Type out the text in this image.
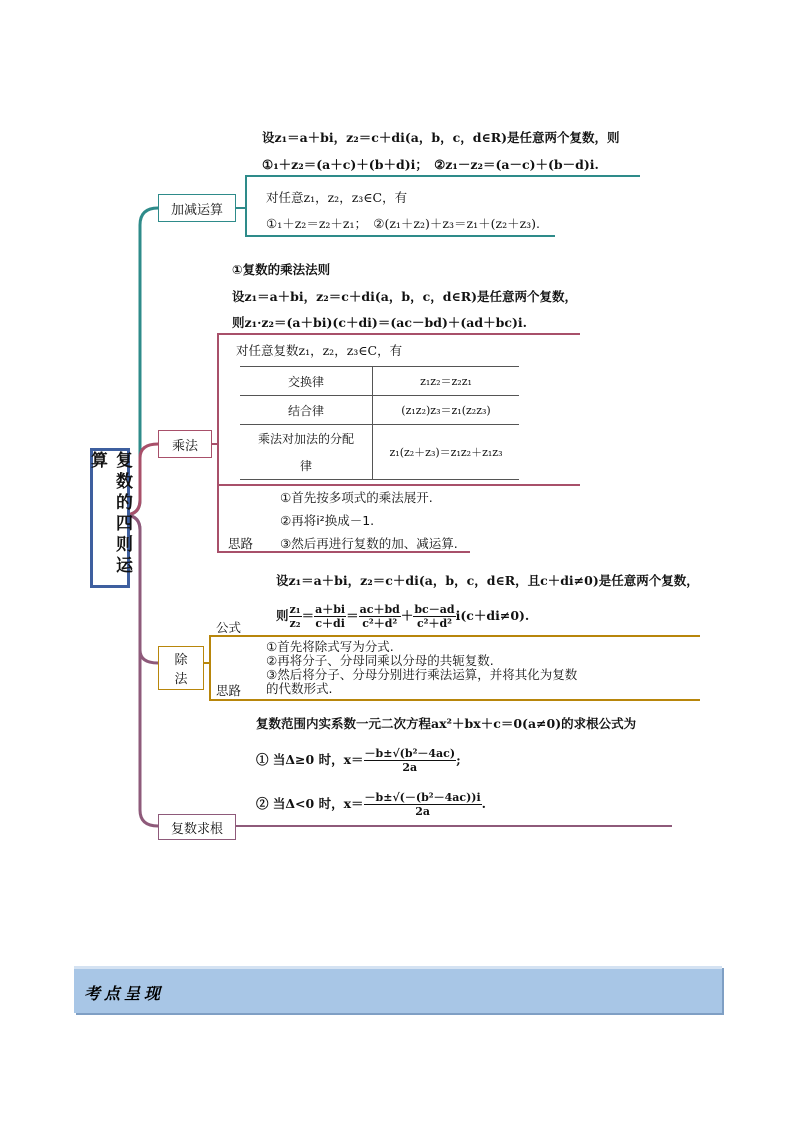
复数的四则运算
加减运算
设z₁＝a＋bi，z₂＝c＋di(a，b，c，d∈R)是任意两个复数，则
①₁＋z₂＝(a＋c)＋(b＋d)i；　②z₁－z₂＝(a－c)＋(b－d)i.
对任意z₁，z₂，z₃∈C，有
①₁＋z₂＝z₂＋z₁；　②(z₁＋z₂)＋z₃＝z₁＋(z₂＋z₃).
乘法
①复数的乘法法则
设z₁＝a＋bi，z₂＝c＋di(a，b，c，d∈R)是任意两个复数，
则z₁·z₂＝(a＋bi)(c＋di)＝(ac－bd)＋(ad＋bc)i.
对任意复数z₁，z₂，z₃∈C，有
交换律	z₁z₂＝z₂z₁
结合律	(z₁z₂)z₃＝z₁(z₂z₃)

乘法对加法的分配
律	z₁(z₂＋z₃)＝z₁z₂＋z₁z₃
①首先按多项式的乘法展开.
②再将i²换成－1.
③然后再进行复数的加、减运算.
思路
除
法
设z₁＝a＋bi，z₂＝c＋di(a，b，c，d∈R，且c＋di≠0)是任意两个复数，
公式
则 $\frac{\text{z₁}}{\text{z₂}} = \frac{a+bi}{c+di} = \frac{ac+bd}{\text{c²＋d²}} + \frac{bc-ad}{\text{c²＋d²}} i(c+di\ne 0)$.
①首先将除式写为分式.
②再将分子、分母同乘以分母的共轭复数.
③然后将分子、分母分别进行乘法运算，并将其化为复数
的代数形式.
思路
复数范围内实系数一元二次方程ax²＋bx＋c＝0(a≠0)的求根公式为
① 当Δ≥0 时，$x= \frac{\text{－b±√(b²－4ac)}}{2a}$ ;
② 当Δ<0 时，$x= \frac{\text{－b±√(－(b²－4ac))i}}{2a}$ .
复数求根
考点呈现
